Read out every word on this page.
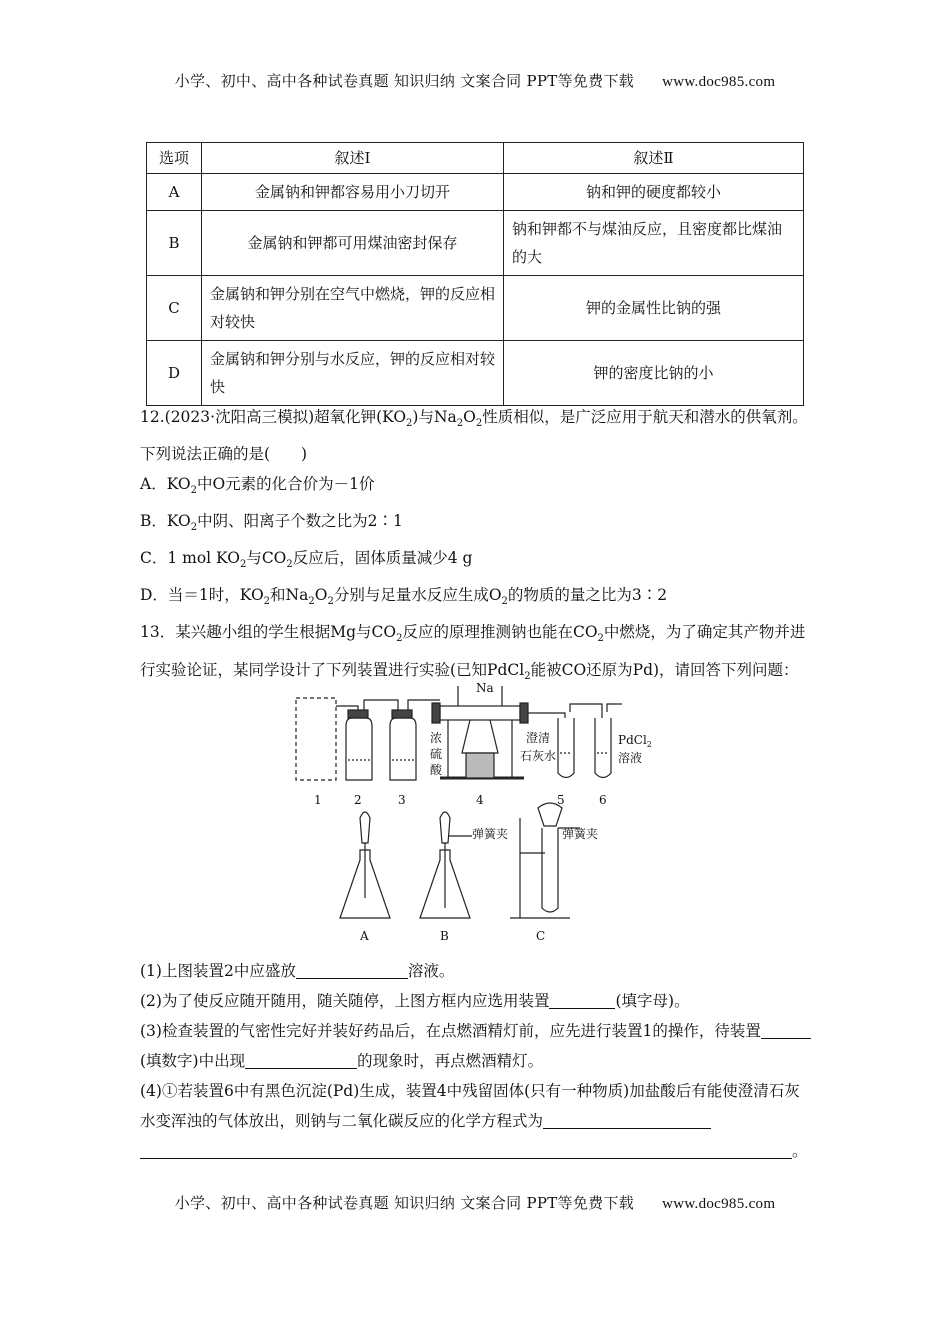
小学、初中、高中各种试卷真题 知识归纳 文案合同 PPT等免费下载 www.doc985.com
选项	叙述Ⅰ	叙述Ⅱ
A	金属钠和钾都容易用小刀切开	钠和钾的硬度都较小
B	金属钠和钾都可用煤油密封保存	钠和钾都不与煤油反应，且密度都比煤油的大
C	金属钠和钾分别在空气中燃烧，钾的反应相对较快	钾的金属性比钠的强
D	金属钠和钾分别与水反应，钾的反应相对较快	钾的密度比钠的小

12.(2023·沈阳高三模拟)超氧化钾$(KO_2)$与$Na_2O_2$性质相似，是广泛应用于航天和潜水的供氧剂。下列说法正确的是(　　)

A．$KO_2$中O元素的化合价为－1价

B．$KO_2$中阴、阳离子个数之比为2∶1

C．1 mol $KO_2$与$CO_2$反应后，固体质量减少4 g

D．当＝1时，$KO_2$和$Na_2O_2$分别与足量水反应生成$O_2$的物质的量之比为3∶2

13．某兴趣小组的学生根据Mg与$CO_2$反应的原理推测钠也能在$CO_2$中燃烧，为了确定其产物并进行实验论证，某同学设计了下列装置进行实验(已知PdCl$_2$能被CO还原为Pd)，请回答下列问题：

Na
浓
硫
酸
澄清
石灰水
PdCl$_2$
溶液
1	2	3	4	5	6
弹簧夹	弹簧夹
A	B	C

(1)上图装置2中应盛放	溶液。

(2)为了使反应随开随用，随关随停，上图方框内应选用装置	(填字母)。

(3)检查装置的气密性完好并装好药品后，在点燃酒精灯前，应先进行装置1的操作，待装置(填数字)中出现	的现象时，再点燃酒精灯。

(4)①若装置6中有黑色沉淀(Pd)生成，装置4中残留固体(只有一种物质)加盐酸后有能使澄清石灰水变浑浊的气体放出，则钠与二氧化碳反应的化学方程式为

。

小学、初中、高中各种试卷真题 知识归纳 文案合同 PPT等免费下载 www.doc985.com
